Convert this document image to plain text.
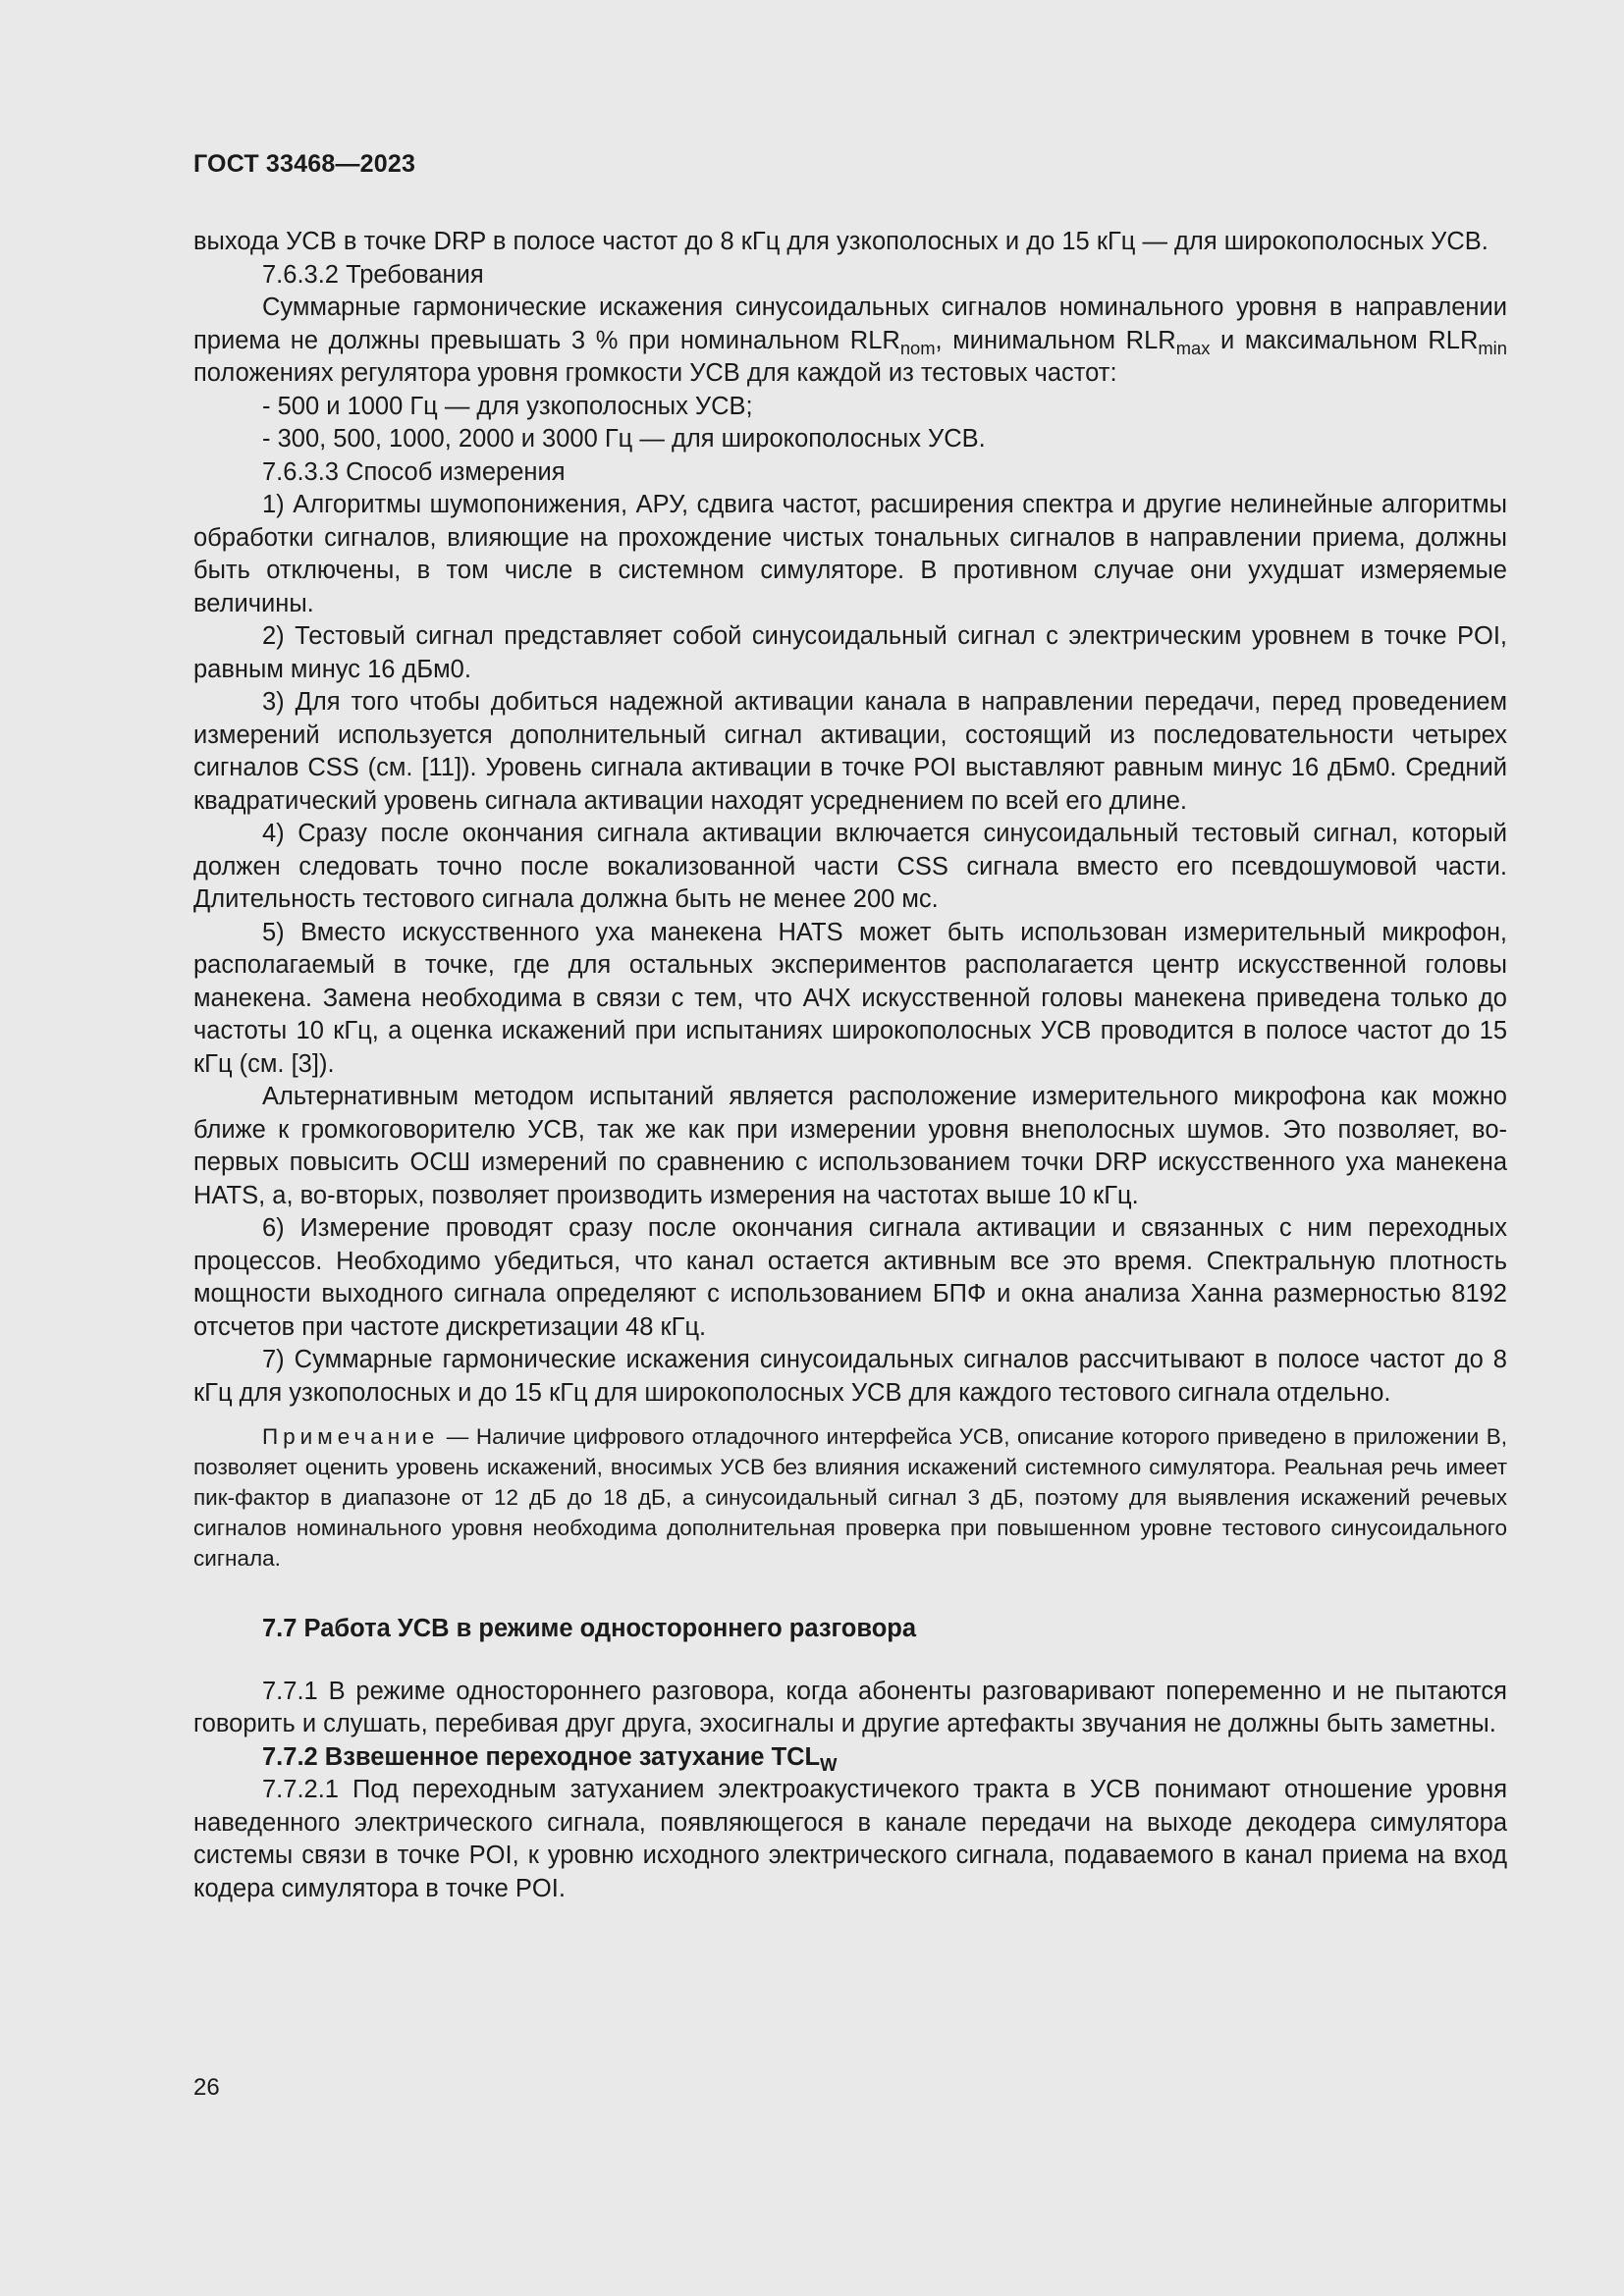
ГОСТ 33468—2023

выхода УСВ в точке DRP в полосе частот до 8 кГц для узкополосных и до 15 кГц — для широкополосных УСВ.

7.6.3.2 Требования

Суммарные гармонические искажения синусоидальных сигналов номинального уровня в направлении приема не должны превышать 3 % при номинальном $RLR_{nom}$, минимальном $RLR_{max}$ и максимальном $RLR_{min}$ положениях регулятора уровня громкости УСВ для каждой из тестовых частот:

- 500 и 1000 Гц — для узкополосных УСВ;

- 300, 500, 1000, 2000 и 3000 Гц — для широкополосных УСВ.

7.6.3.3 Способ измерения

1) Алгоритмы шумопонижения, АРУ, сдвига частот, расширения спектра и другие нелинейные алгоритмы обработки сигналов, влияющие на прохождение чистых тональных сигналов в направлении приема, должны быть отключены, в том числе в системном симуляторе. В противном случае они ухудшат измеряемые величины.

2) Тестовый сигнал представляет собой синусоидальный сигнал с электрическим уровнем в точке POI, равным минус 16 дБм0.

3) Для того чтобы добиться надежной активации канала в направлении передачи, перед проведением измерений используется дополнительный сигнал активации, состоящий из последовательности четырех сигналов CSS (см. [11]). Уровень сигнала активации в точке POI выставляют равным минус 16 дБм0. Средний квадратический уровень сигнала активации находят усреднением по всей его длине.

4) Сразу после окончания сигнала активации включается синусоидальный тестовый сигнал, который должен следовать точно после вокализованной части CSS сигнала вместо его псевдошумовой части. Длительность тестового сигнала должна быть не менее 200 мс.

5) Вместо искусственного уха манекена HATS может быть использован измерительный микрофон, располагаемый в точке, где для остальных экспериментов располагается центр искусственной головы манекена. Замена необходима в связи с тем, что АЧХ искусственной головы манекена приведена только до частоты 10 кГц, а оценка искажений при испытаниях широкополосных УСВ проводится в полосе частот до 15 кГц (см. [3]).

Альтернативным методом испытаний является расположение измерительного микрофона как можно ближе к громкоговорителю УСВ, так же как при измерении уровня внеполосных шумов. Это позволяет, во-первых повысить ОСШ измерений по сравнению с использованием точки DRP искусственного уха манекена HATS, а, во-вторых, позволяет производить измерения на частотах выше 10 кГц.

6) Измерение проводят сразу после окончания сигнала активации и связанных с ним переходных процессов. Необходимо убедиться, что канал остается активным все это время. Спектральную плотность мощности выходного сигнала определяют с использованием БПФ и окна анализа Ханна размерностью 8192 отсчетов при частоте дискретизации 48 кГц.

7) Суммарные гармонические искажения синусоидальных сигналов рассчитывают в полосе частот до 8 кГц для узкополосных и до 15 кГц для широкополосных УСВ для каждого тестового сигнала отдельно.

Примечание — Наличие цифрового отладочного интерфейса УСВ, описание которого приведено в приложении В, позволяет оценить уровень искажений, вносимых УСВ без влияния искажений системного симулятора. Реальная речь имеет пик-фактор в диапазоне от 12 дБ до 18 дБ, а синусоидальный сигнал 3 дБ, поэтому для выявления искажений речевых сигналов номинального уровня необходима дополнительная проверка при повышенном уровне тестового синусоидального сигнала.

7.7 Работа УСВ в режиме одностороннего разговора

7.7.1 В режиме одностороннего разговора, когда абоненты разговаривают попеременно и не пытаются говорить и слушать, перебивая друг друга, эхосигналы и другие артефакты звучания не должны быть заметны.

7.7.2 Взвешенное переходное затухание $TCL_W$

7.7.2.1 Под переходным затуханием электроакустичекого тракта в УСВ понимают отношение уровня наведенного электрического сигнала, появляющегося в канале передачи на выходе декодера симулятора системы связи в точке POI, к уровню исходного электрического сигнала, подаваемого в канал приема на вход кодера симулятора в точке POI.

26
